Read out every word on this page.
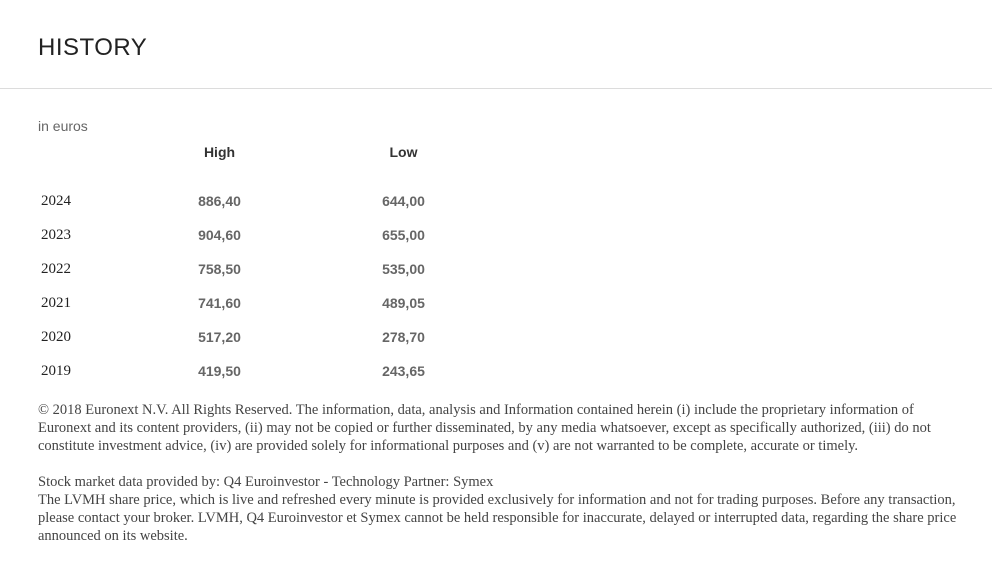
HISTORY
in euros
	High		Low
2024	886,40		644,00
2023	904,60		655,00
2022	758,50		535,00
2021	741,60		489,05
2020	517,20		278,70
2019	419,50		243,65

© 2018 Euronext N.V. All Rights Reserved. The information, data, analysis and Information contained herein (i) include the proprietary information of Euronext and its content providers, (ii) may not be copied or further disseminated, by any media whatsoever, except as specifically authorized, (iii) do not constitute investment advice, (iv) are provided solely for informational purposes and (v) are not warranted to be complete, accurate or timely.

Stock market data provided by: Q4 Euroinvestor - Technology Partner: Symex
The LVMH share price, which is live and refreshed every minute is provided exclusively for information and not for trading purposes. Before any transaction, please contact your broker. LVMH, Q4 Euroinvestor et Symex cannot be held responsible for inaccurate, delayed or interrupted data, regarding the share price announced on its website.
